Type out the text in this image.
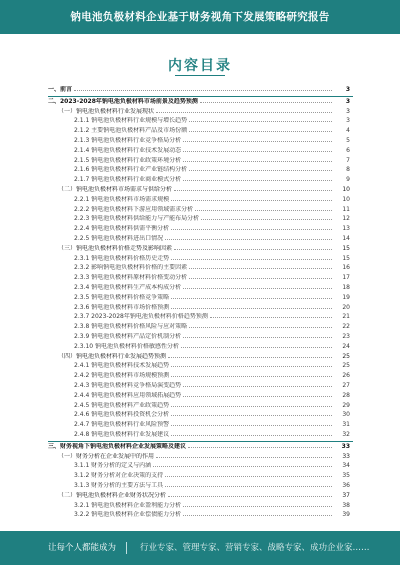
钠电池负极材料企业基于财务视角下发展策略研究报告
内容目录
一、前言	3
二、2023-2028年钠电池负极材料市场前景及趋势预测	3
（一）钠电池负极材料行业发展现状	3
2.1.1 钠电池负极材料行业规模与增长趋势	3
2.1.2 主要钠电池负极材料产品及市场份额	4
2.1.3 钠电池负极材料行业竞争格局分析	5
2.1.4 钠电池负极材料行业技术发展动态	6
2.1.5 钠电池负极材料行业政策环境分析	7
2.1.6 钠电池负极材料行业产业链结构分析	8
2.1.7 钠电池负极材料行业商业模式分析	9
（二）钠电池负极材料市场需求与供给分析	10
2.2.1 钠电池负极材料市场需求规模	10
2.2.2 钠电池负极材料下游应用领域需求分析	11
2.2.3 钠电池负极材料供给能力与产能布局分析	12
2.2.4 钠电池负极材料供需平衡分析	13
2.2.5 钠电池负极材料进出口情况	14
（三）钠电池负极材料价格走势及影响因素	15
2.3.1 钠电池负极材料价格历史走势	15
2.3.2 影响钠电池负极材料价格的主要因素	16
2.3.3 钠电池负极材料原材料价格变动分析	17
2.3.4 钠电池负极材料生产成本构成分析	18
2.3.5 钠电池负极材料价格竞争策略	19
2.3.6 钠电池负极材料市场价格预测	20
2.3.7 2023-2028年钠电池负极材料价格趋势预测	21
2.3.8 钠电池负极材料价格风险与应对策略	22
2.3.9 钠电池负极材料产品定价机制分析	23
2.3.10 钠电池负极材料价格敏感性分析	24
（四）钠电池负极材料行业发展趋势预测	25
2.4.1 钠电池负极材料技术发展趋势	25
2.4.2 钠电池负极材料市场规模预测	26
2.4.3 钠电池负极材料竞争格局演变趋势	27
2.4.4 钠电池负极材料应用领域拓展趋势	28
2.4.5 钠电池负极材料产业政策趋势	29
2.4.6 钠电池负极材料投资机会分析	30
2.4.7 钠电池负极材料行业风险预警	31
2.4.8 钠电池负极材料行业发展建议	32
三、财务视角下钠电池负极材料企业发展策略及建议	33
（一）财务分析在企业发展中的作用	33
3.1.1 财务分析的定义与内涵	34
3.1.2 财务分析对企业决策的支持	35
3.1.3 财务分析的主要方法与工具	36
（二）钠电池负极材料企业财务状况分析	37
3.2.1 钠电池负极材料企业盈利能力分析	38
3.2.2 钠电池负极材料企业偿债能力分析	39
让每个人都能成为	行业专家、管理专家、营销专家、战略专家、成功企业家……
